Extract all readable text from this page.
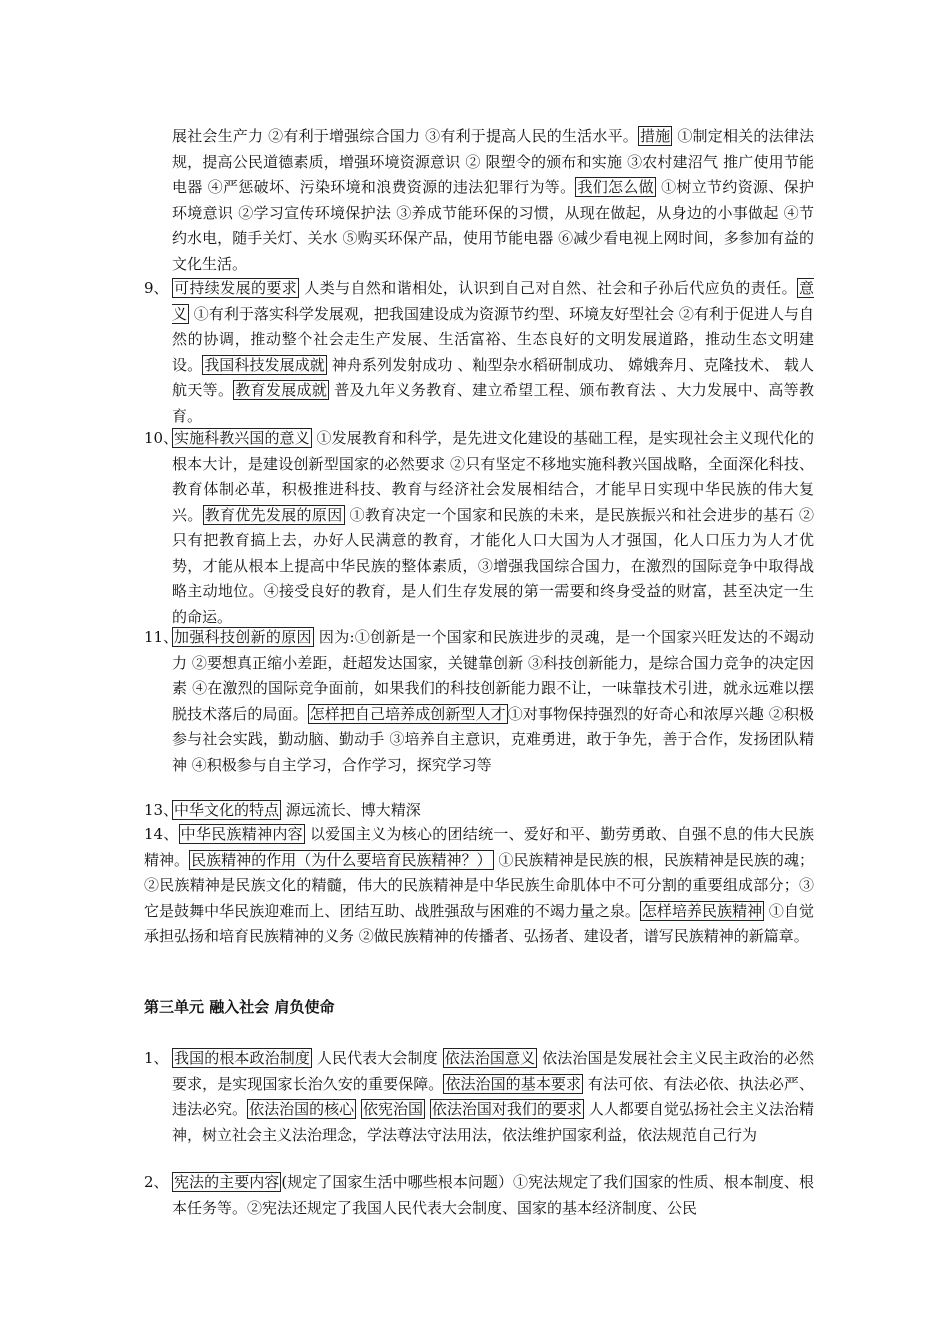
展社会生产力 ②有利于增强综合国力 ③有利于提高人民的生活水平。 措施 ①制定相关的法律法规，提高公民道德素质，增强环境资源意识 ② 限塑令的颁布和实施 ③农村建沼气 推广使用节能电器 ④严惩破坏、污染环境和浪费资源的违法犯罪行为等。 我们怎么做 ①树立节约资源、保护环境意识 ②学习宣传环境保护法 ③养成节能环保的习惯，从现在做起，从身边的小事做起 ④节约水电，随手关灯、关水 ⑤购买环保产品，使用节能电器 ⑥减少看电视上网时间，多参加有益的文化生活。
9、 可持续发展的要求 人类与自然和谐相处，认识到自己对自然、社会和子孙后代应负的责任。 意义 ①有利于落实科学发展观，把我国建设成为资源节约型、环境友好型社会 ②有利于促进人与自然的协调，推动整个社会走生产发展、生活富裕、生态良好的文明发展道路，推动生态文明建设。 我国科技发展成就 神舟系列发射成功 、籼型杂水稻研制成功、 嫦娥奔月、克隆技术、 载人航天等。 教育发展成就 普及九年义务教育、建立希望工程、颁布教育法 、大力发展中、高等教育。
10、
实施科教兴国的意义 ①发展教育和科学，是先进文化建设的基础工程，是实现社会主义现代化的根本大计，是建设创新型国家的必然要求 ②只有坚定不移地实施科教兴国战略，全面深化科技、教育体制必革，积极推进科技、教育与经济社会发展相结合，才能早日实现中华民族的伟大复兴。 教育优先发展的原因 ①教育决定一个国家和民族的未来，是民族振兴和社会进步的基石 ②只有把教育搞上去，办好人民满意的教育，才能化人口大国为人才强国，化人口压力为人才优势，才能从根本上提高中华民族的整体素质，③增强我国综合国力，在激烈的国际竞争中取得战略主动地位。④接受良好的教育，是人们生存发展的第一需要和终身受益的财富，甚至决定一生的命运。
11、
加强科技创新的原因 因为:①创新是一个国家和民族进步的灵魂，是一个国家兴旺发达的不竭动力 ②要想真正缩小差距，赶超发达国家，关键靠创新 ③科技创新能力，是综合国力竞争的决定因素 ④在激烈的国际竞争面前，如果我们的科技创新能力跟不让，一味靠技术引进，就永远难以摆脱技术落后的局面。 怎样把自己培养成创新型人才 ①对事物保持强烈的好奇心和浓厚兴趣 ②积极参与社会实践，勤动脑、勤动手 ③培养自主意识，克难勇进，敢于争先，善于合作，发扬团队精神 ④积极参与自主学习，合作学习，探究学习等
13、
中华文化的特点 源远流长、博大精深
14、 中华民族精神内容 以爱国主义为核心的团结统一、爱好和平、勤劳勇敢、自强不息的伟大民族精神。 民族精神的作用（为什么要培育民族精神？） ①民族精神是民族的根，民族精神是民族的魂；②民族精神是民族文化的精髓，伟大的民族精神是中华民族生命肌体中不可分割的重要组成部分；③它是鼓舞中华民族迎难而上、团结互助、战胜强敌与困难的不竭力量之泉。 怎样培养民族精神 ①自觉承担弘扬和培育民族精神的义务 ②做民族精神的传播者、弘扬者、建设者，谱写民族精神的新篇章。
第三单元 融入社会 肩负使命
1、 我国的根本政治制度 人民代表大会制度 依法治国意义 依法治国是发展社会主义民主政治的必然要求，是实现国家长治久安的重要保障。 依法治国的基本要求 有法可依、有法必依、执法必严、违法必究。 依法治国的核心 依宪治国 依法治国对我们的要求 人人都要自觉弘扬社会主义法治精神，树立社会主义法治理念，学法尊法守法用法，依法维护国家利益，依法规范自己行为
2、 宪法的主要内容 (规定了国家生活中哪些根本问题）①宪法规定了我们国家的性质、根本制度、根本任务等。②宪法还规定了我国人民代表大会制度、国家的基本经济制度、公民
